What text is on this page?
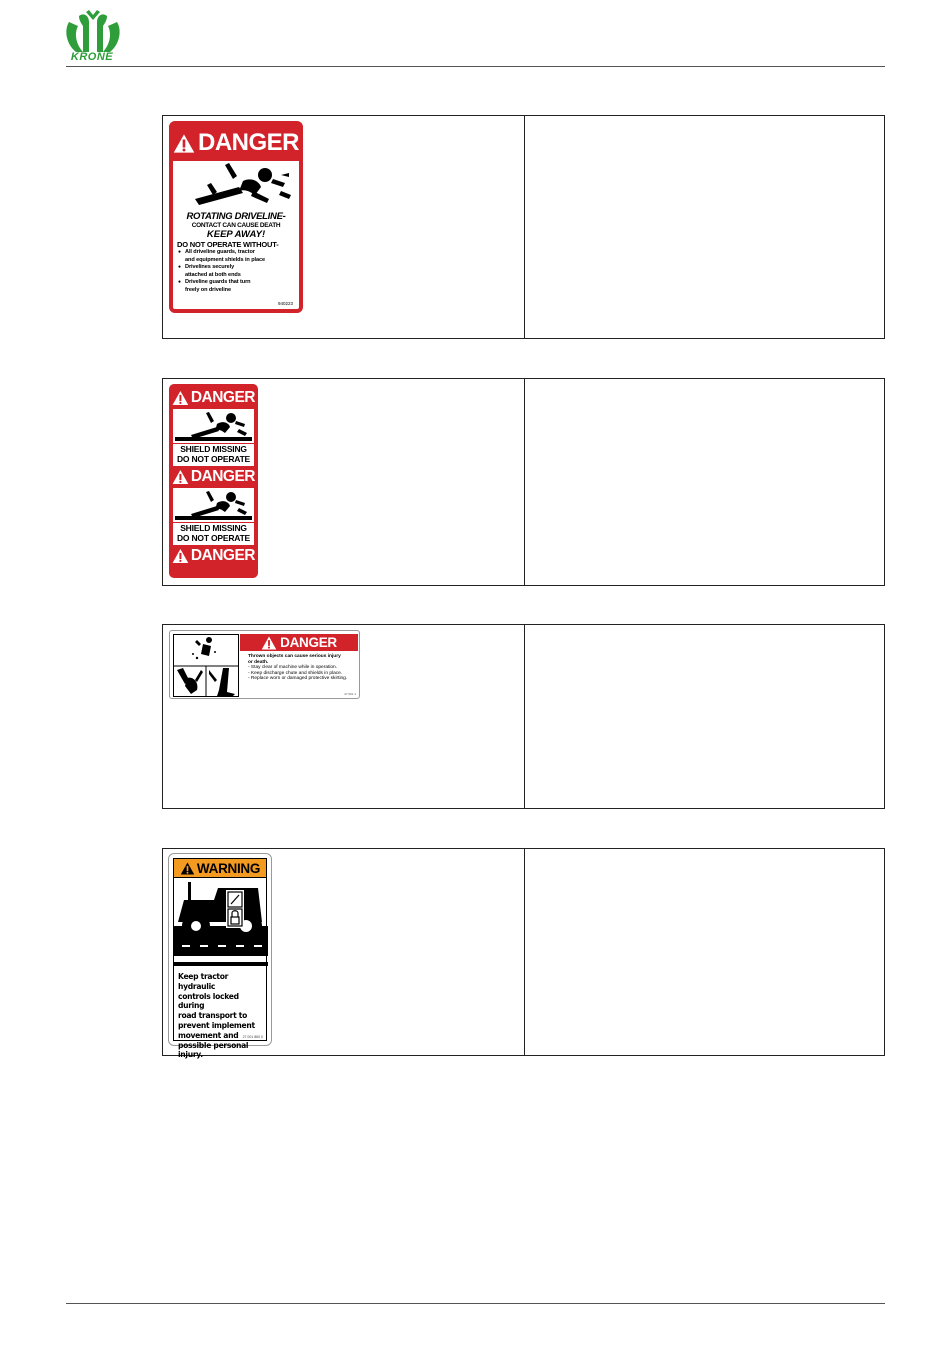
KRONE
DANGER
ROTATING DRIVELINE-
CONTACT CAN CAUSE DEATH
KEEP AWAY!
DO NOT OPERATE WITHOUT-
● All driveline guards, tractor
and equipment shields in place
● Drivelines securely
attached at both ends
● Driveline guards that turn
freely on driveline
940223
DANGER
SHIELD MISSING
DO NOT OPERATE
DANGER
SHIELD MISSING
DO NOT OPERATE
DANGER
DANGER
Thrown objects can cause serious injury
or death.
- Stay clear of machine while in operation.
- Keep discharge chute and shields in place.
- Replace worn or damaged protective skirting.
27 001 1
WARNING
Keep tractor hydraulic
controls locked during
road transport to
prevent implement
movement and
possible personal
injury.
27 001 860 0
